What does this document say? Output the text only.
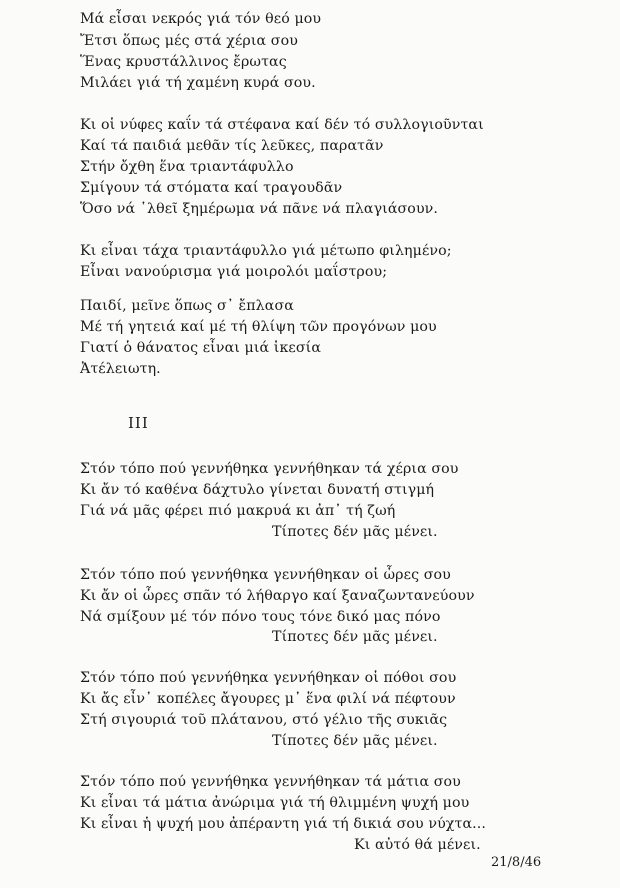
Μά εἶσαι νεκρός γιά τόν θεό μου
Ἔτσι ὅπως μές στά χέρια σου
Ἕνας κρυστάλλινος ἔρωτας
Μιλάει γιά τή χαμένη κυρά σου.
Κι οἱ νύφες καΐν τά στέφανα καί δέν τό συλλογιοῦνται
Καί τά παιδιά μεθᾶν τίς λεῦκες, παρατᾶν
Στήν ὄχθη ἕνα τριαντάφυλλο
Σμίγουν τά στόματα καί τραγουδᾶν
Ὅσο νά ῾λθεῖ ξημέρωμα νά πᾶνε νά πλαγιάσουν.
Κι εἶναι τάχα τριαντάφυλλο γιά μέτωπο φιλημένο;
Εἶναι νανούρισμα γιά μοιρολόι μαΐστρου;
Παιδί, μεῖνε ὅπως σ᾽ ἔπλασα
Μέ τή γητειά καί μέ τή θλίψη τῶν προγόνων μου
Γιατί ὁ θάνατος εἶναι μιά ἱκεσία
Ἀτέλειωτη.
III
Στόν τόπο πού γεννήθηκα γεννήθηκαν τά χέρια σου
Κι ἄν τό καθένα δάχτυλο γίνεται δυνατή στιγμή
Γιά νά μᾶς φέρει πιό μακρυά κι ἀπ᾽ τή ζωή
Τίποτες δέν μᾶς μένει.
Στόν τόπο πού γεννήθηκα γεννήθηκαν οἱ ὧρες σου
Κι ἄν οἱ ὧρες σπᾶν τό λήθαργο καί ξαναζωντανεύουν
Νά σμίξουν μέ τόν πόνο τους τόνε δικό μας πόνο
Τίποτες δέν μᾶς μένει.
Στόν τόπο πού γεννήθηκα γεννήθηκαν οἱ πόθοι σου
Κι ἄς εἶν᾽ κοπέλες ἄγουρες μ᾽ ἕνα φιλί νά πέφτουν
Στή σιγουριά τοῦ πλάτανου, στό γέλιο τῆς συκιᾶς
Τίποτες δέν μᾶς μένει.
Στόν τόπο πού γεννήθηκα γεννήθηκαν τά μάτια σου
Κι εἶναι τά μάτια ἀνώριμα γιά τή θλιμμένη ψυχή μου
Κι εἶναι ἡ ψυχή μου ἀπέραντη γιά τή δικιά σου νύχτα...
Κι αὐτό θά μένει.
21/8/46
